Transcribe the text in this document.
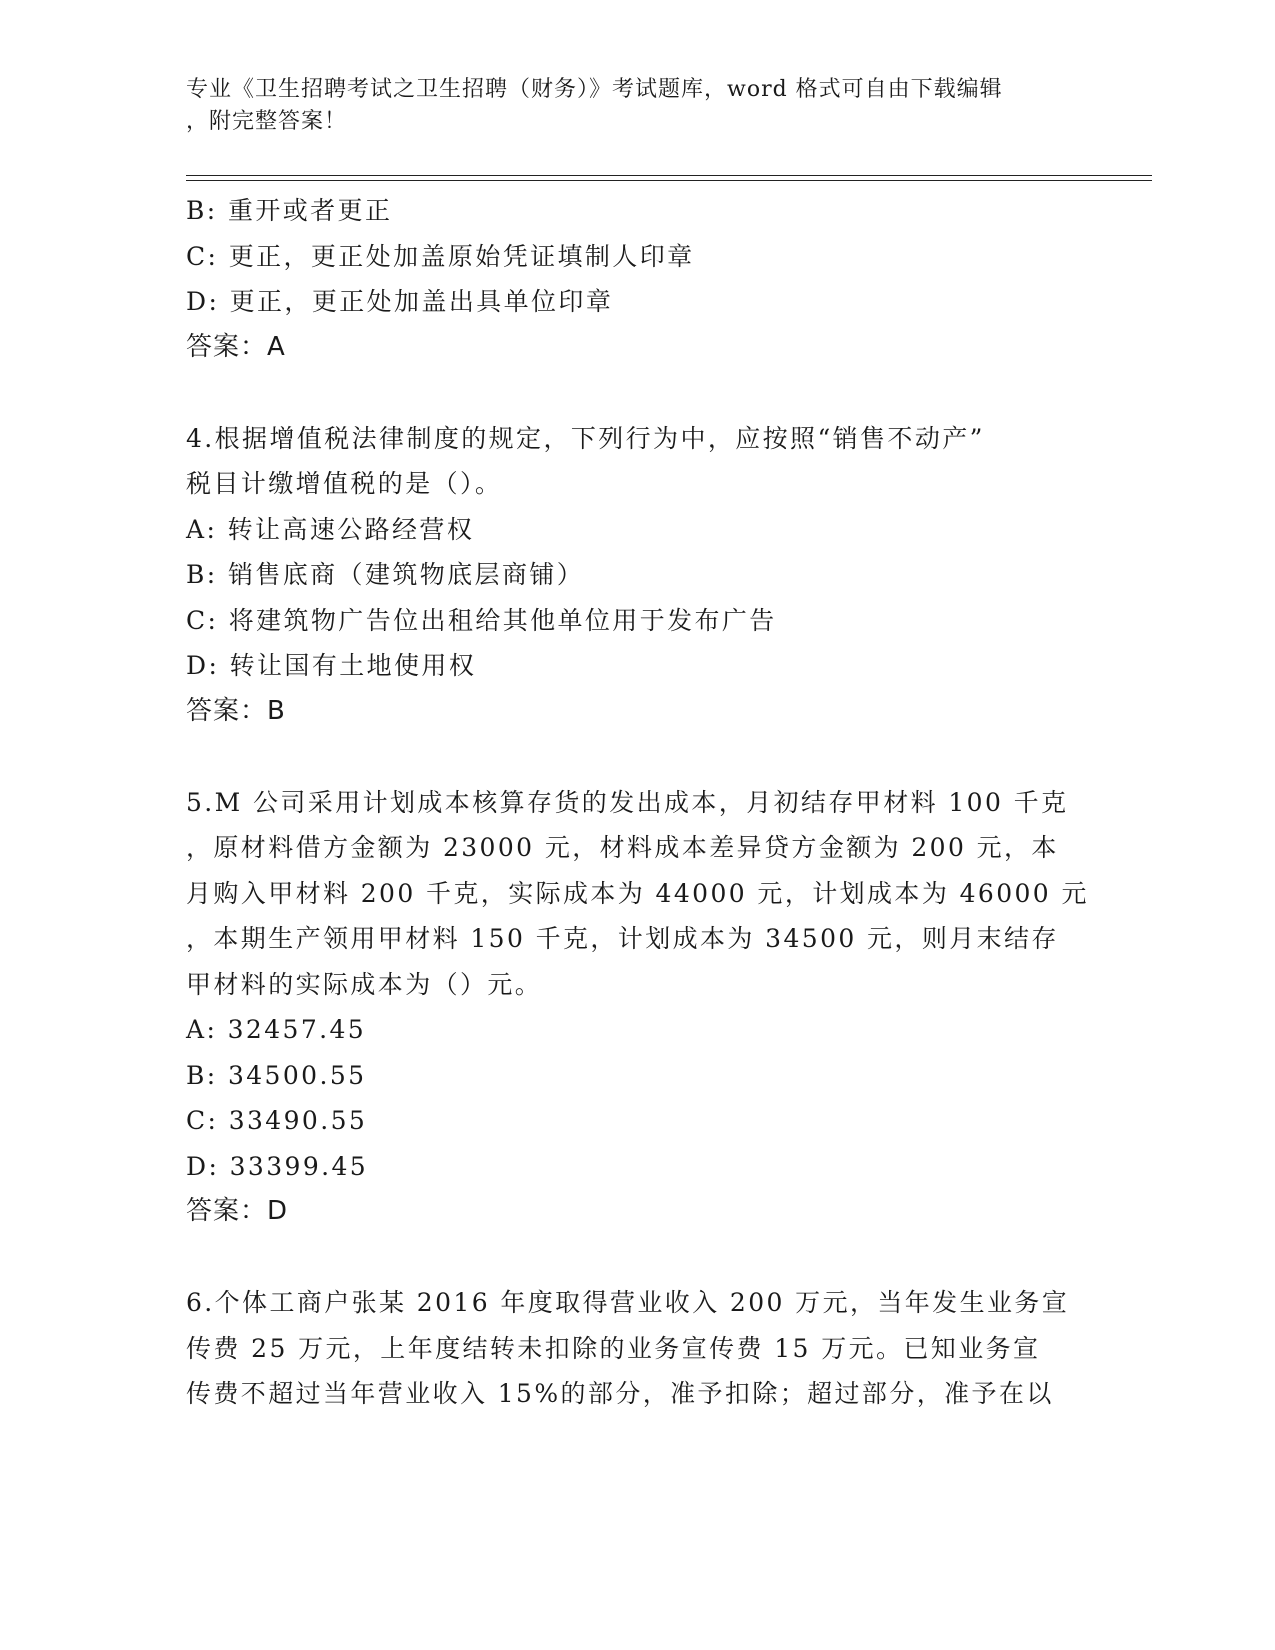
专业《卫生招聘考试之卫生招聘（财务）》考试题库，word 格式可自由下载编辑
，附完整答案！
B: 重开或者更正
C: 更正，更正处加盖原始凭证填制人印章
D: 更正，更正处加盖出具单位印章
答案：A
4.根据增值税法律制度的规定，下列行为中，应按照“销售不动产”
税目计缴增值税的是（）。
A: 转让高速公路经营权
B: 销售底商（建筑物底层商铺）
C: 将建筑物广告位出租给其他单位用于发布广告
D: 转让国有土地使用权
答案：B
5.M 公司采用计划成本核算存货的发出成本，月初结存甲材料 100 千克
，原材料借方金额为 23000 元，材料成本差异贷方金额为 200 元，本
月购入甲材料 200 千克，实际成本为 44000 元，计划成本为 46000 元
，本期生产领用甲材料 150 千克，计划成本为 34500 元，则月末结存
甲材料的实际成本为（）元。
A: 32457.45
B: 34500.55
C: 33490.55
D: 33399.45
答案：D
6.个体工商户张某 2016 年度取得营业收入 200 万元，当年发生业务宣
传费 25 万元，上年度结转未扣除的业务宣传费 15 万元。已知业务宣
传费不超过当年营业收入 15%的部分，准予扣除；超过部分，准予在以
